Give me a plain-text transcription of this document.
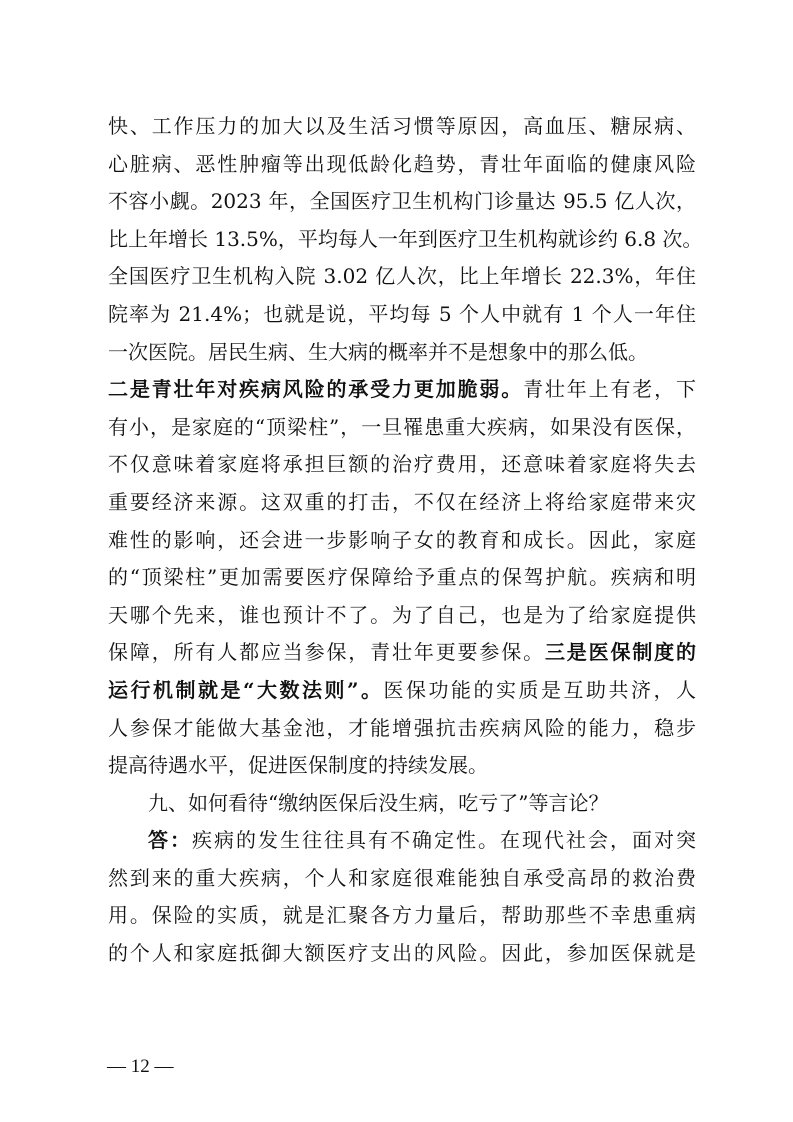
快、工作压力的加大以及生活习惯等原因，高血压、糖尿病、
心脏病、恶性肿瘤等出现低龄化趋势，青壮年面临的健康风险
不容小觑。2023 年，全国医疗卫生机构门诊量达 95.5 亿人次，
比上年增长 13.5%，平均每人一年到医疗卫生机构就诊约 6.8 次。
全国医疗卫生机构入院 3.02 亿人次，比上年增长 22.3%，年住
院率为 21.4%；也就是说，平均每 5 个人中就有 1 个人一年住
一次医院。居民生病、生大病的概率并不是想象中的那么低。
二是青壮年对疾病风险的承受力更加脆弱。青壮年上有老，下
有小，是家庭的“顶梁柱”，一旦罹患重大疾病，如果没有医保，
不仅意味着家庭将承担巨额的治疗费用，还意味着家庭将失去
重要经济来源。这双重的打击，不仅在经济上将给家庭带来灾
难性的影响，还会进一步影响子女的教育和成长。因此，家庭
的“顶梁柱”更加需要医疗保障给予重点的保驾护航。疾病和明
天哪个先来，谁也预计不了。为了自己，也是为了给家庭提供
保障，所有人都应当参保，青壮年更要参保。三是医保制度的
运行机制就是“大数法则”。医保功能的实质是互助共济，人
人参保才能做大基金池，才能增强抗击疾病风险的能力，稳步
提高待遇水平，促进医保制度的持续发展。
九、如何看待“缴纳医保后没生病，吃亏了”等言论？
答：疾病的发生往往具有不确定性。在现代社会，面对突
然到来的重大疾病，个人和家庭很难能独自承受高昂的救治费
用。保险的实质，就是汇聚各方力量后，帮助那些不幸患重病
的个人和家庭抵御大额医疗支出的风险。因此，参加医保就是
— 12 —
